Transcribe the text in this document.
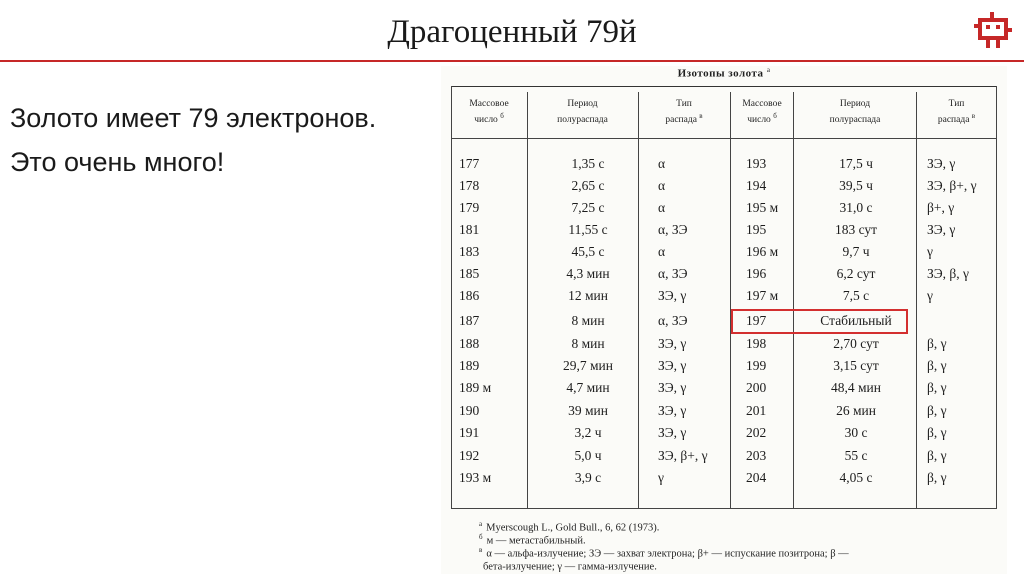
Драгоценный 79й
Золото имеет 79 электронов.
Это очень много!
Изотопы золота $^а$
Массовое
число $^б$
Период
полураспада
Тип
распада $^в$
Массовое
число $^б$
Период
полураспада
Тип
распада $^в$
177	1,35 с	α	193	17,5 ч	ЗЭ, γ
178	2,65 с	α	194	39,5 ч	ЗЭ, β+, γ
179	7,25 с	α	195 м	31,0 с	β+, γ
181	11,55 с	α, ЗЭ	195	183 сут	ЗЭ, γ
183	45,5 с	α	196 м	9,7 ч	γ
185	4,3 мин	α, ЗЭ	196	6,2 сут	ЗЭ, β, γ
186	12 мин	ЗЭ, γ	197 м	7,5 с	γ
187	8 мин	α, ЗЭ	197	Стабильный
188	8 мин	ЗЭ, γ	198	2,70 сут	β, γ
189	29,7 мин	ЗЭ, γ	199	3,15 сут	β, γ
189 м	4,7 мин	ЗЭ, γ	200	48,4 мин	β, γ
190	39 мин	ЗЭ, γ	201	26 мин	β, γ
191	3,2 ч	ЗЭ, γ	202	30 с	β, γ
192	5,0 ч	ЗЭ, β+, γ	203	55 с	β, γ
193 м	3,9 с	γ	204	4,05 с	β, γ
$^а$ Myerscough L., Gold Bull., 6, 62 (1973).
$^б$ м — метастабильный.
$^в$ α — альфа-излучение; ЗЭ — захват электрона; β+ — испускание позитрона; β —
бета-излучение; γ — гамма-излучение.
